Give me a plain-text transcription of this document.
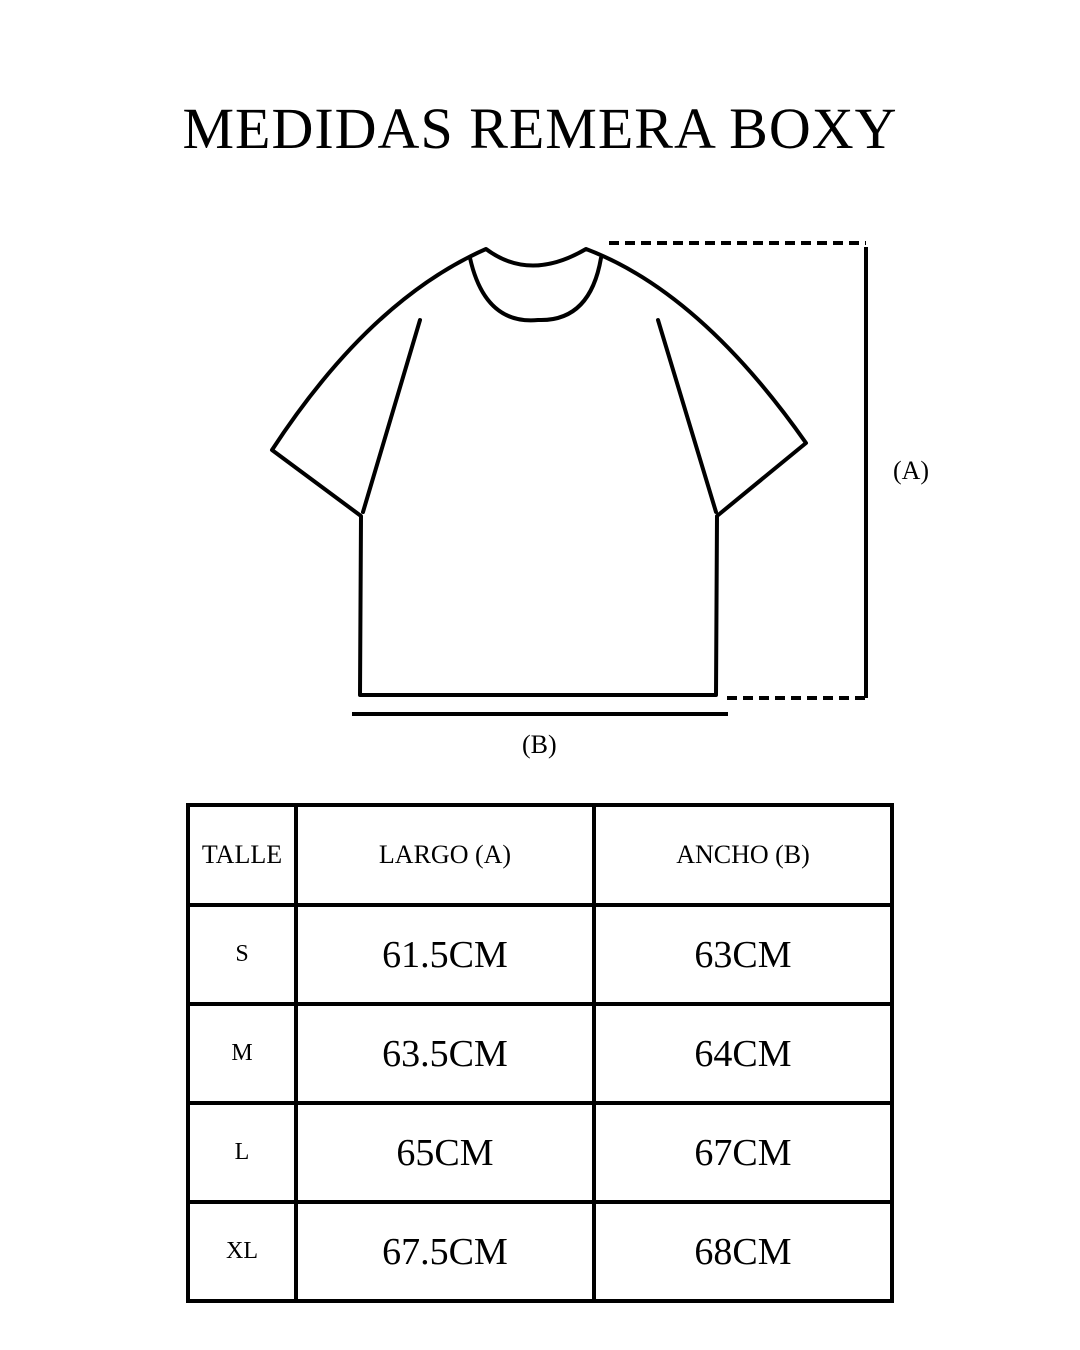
MEDIDAS REMERA BOXY
(A)
(B)
TALLE	LARGO (A)	ANCHO (B)
S	61.5CM	63CM
M	63.5CM	64CM
L	65CM	67CM
XL	67.5CM	68CM
